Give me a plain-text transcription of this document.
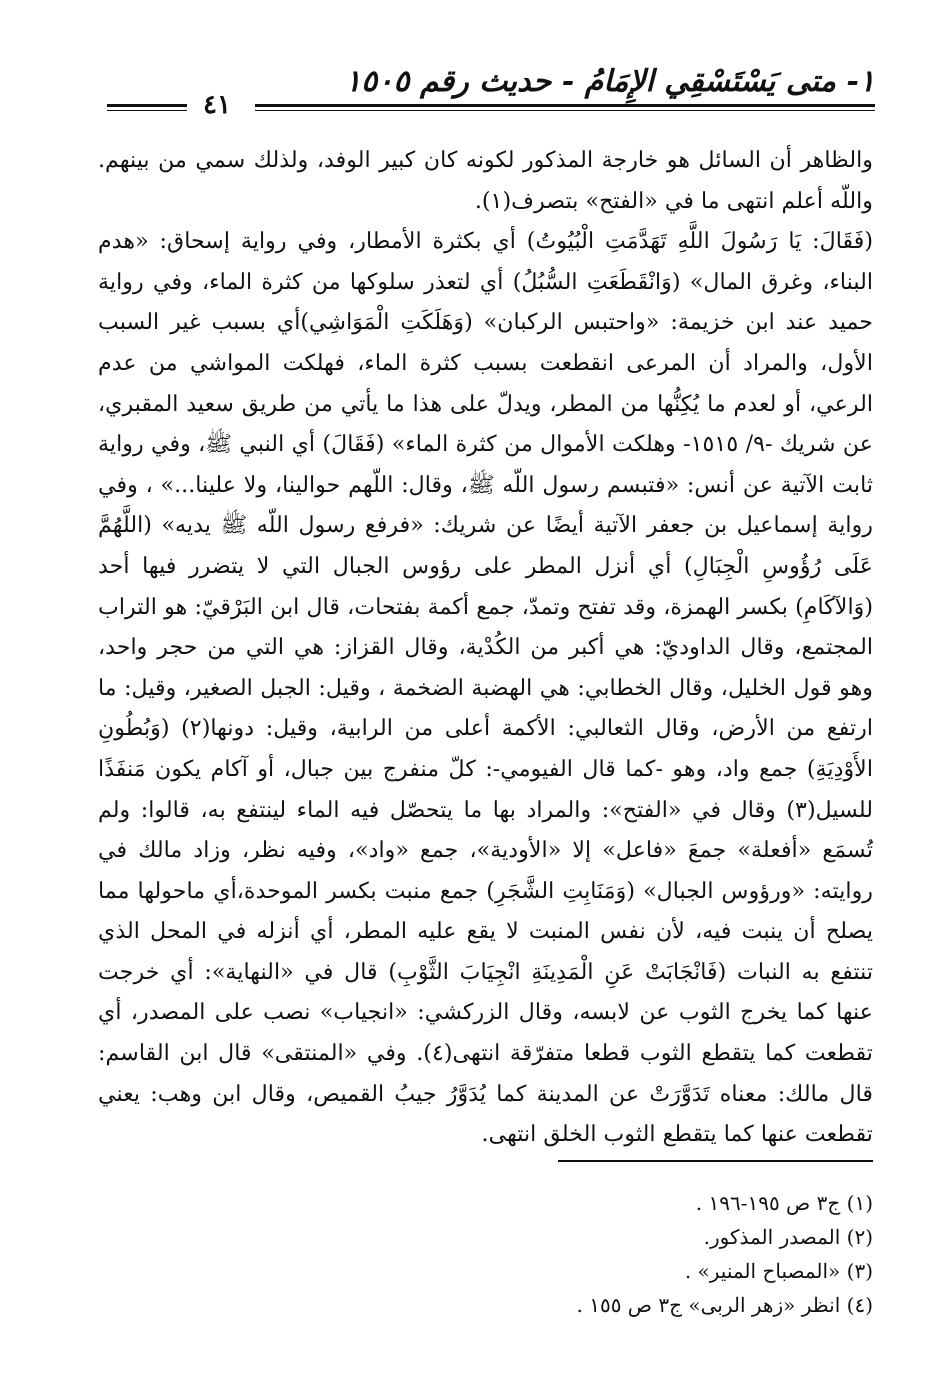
١- متى يَسْتَسْقِي الإِمَامُ - حديث رقم ١٥٠٥
٤١

والظاهر أن السائل هو خارجة المذكور لكونه كان كبير الوفد، ولذلك سمي من بينهم. واللّه أعلم انتهى ما في «الفتح» بتصرف(١).

(فَقَالَ: يَا رَسُولَ اللَّهِ تَهَدَّمَتِ الْبُيُوتُ) أي بكثرة الأمطار، وفي رواية إسحاق: «هدم البناء، وغرق المال» (وَانْقَطَعَتِ السُّبُلُ) أي لتعذر سلوكها من كثرة الماء، وفي رواية حميد عند ابن خزيمة: «واحتبس الركبان» (وَهَلَكَتِ الْمَوَاشِي)أي بسبب غير السبب الأول، والمراد أن المرعى انقطعت بسبب كثرة الماء، فهلكت المواشي من عدم الرعي، أو لعدم ما يُكِنُّها من المطر، ويدلّ على هذا ما يأتي من طريق سعيد المقبري، عن شريك -٩/ ١٥١٥- وهلكت الأموال من كثرة الماء» (فَقَالَ) أي النبي ﷺ، وفي رواية ثابت الآتية عن أنس: «فتبسم رسول اللّه ﷺ، وقال: اللّهم حوالينا، ولا علينا...» ، وفي رواية إسماعيل بن جعفر الآتية أيضًا عن شريك: «فرفع رسول اللّه ﷺ يديه» (اللَّهُمَّ عَلَى رُؤُوسِ الْجِبَالِ) أي أنزل المطر على رؤوس الجبال التي لا يتضرر فيها أحد (وَالآكَامِ) بكسر الهمزة، وقد تفتح وتمدّ، جمع أكمة بفتحات، قال ابن البَرْقيّ: هو التراب المجتمع، وقال الداوديّ: هي أكبر من الكُدْية، وقال القزاز: هي التي من حجر واحد، وهو قول الخليل، وقال الخطابي: هي الهضبة الضخمة ، وقيل: الجبل الصغير، وقيل: ما ارتفع من الأرض، وقال الثعالبي: الأكمة أعلى من الرابية، وقيل: دونها(٢) (وَبُطُونِ الأَوْدِيَةِ) جمع واد، وهو -كما قال الفيومي-: كلّ منفرج بين جبال، أو آكام يكون مَنفَذًا للسيل(٣) وقال في «الفتح»: والمراد بها ما يتحصّل فيه الماء لينتفع به، قالوا: ولم تُسمَع «أفعلة» جمعَ «فاعل» إلا «الأودية»، جمع «واد»، وفيه نظر، وزاد مالك في روايته: «ورؤوس الجبال» (وَمَنَابِتِ الشَّجَرِ) جمع منبت بكسر الموحدة،أي ماحولها مما يصلح أن ينبت فيه، لأن نفس المنبت لا يقع عليه المطر، أي أنزله في المحل الذي تنتفع به النبات (فَانْجَابَتْ عَنِ الْمَدِينَةِ انْجِيَابَ الثَّوْبِ) قال في «النهاية»: أي خرجت عنها كما يخرج الثوب عن لابسه، وقال الزركشي: «انجياب» نصب على المصدر، أي تقطعت كما يتقطع الثوب قطعا متفرّقة انتهى(٤). وفي «المنتقى» قال ابن القاسم: قال مالك: معناه تَدَوَّرَتْ عن المدينة كما يُدَوَّرُ جيبُ القميص، وقال ابن وهب: يعني تقطعت عنها كما يتقطع الثوب الخلق انتهى.

(١) ج٣ ص ١٩٥-١٩٦ .
(٢) المصدر المذكور.
(٣) «المصباح المنير» .
(٤) انظر «زهر الربى» ج٣ ص ١٥٥ .
